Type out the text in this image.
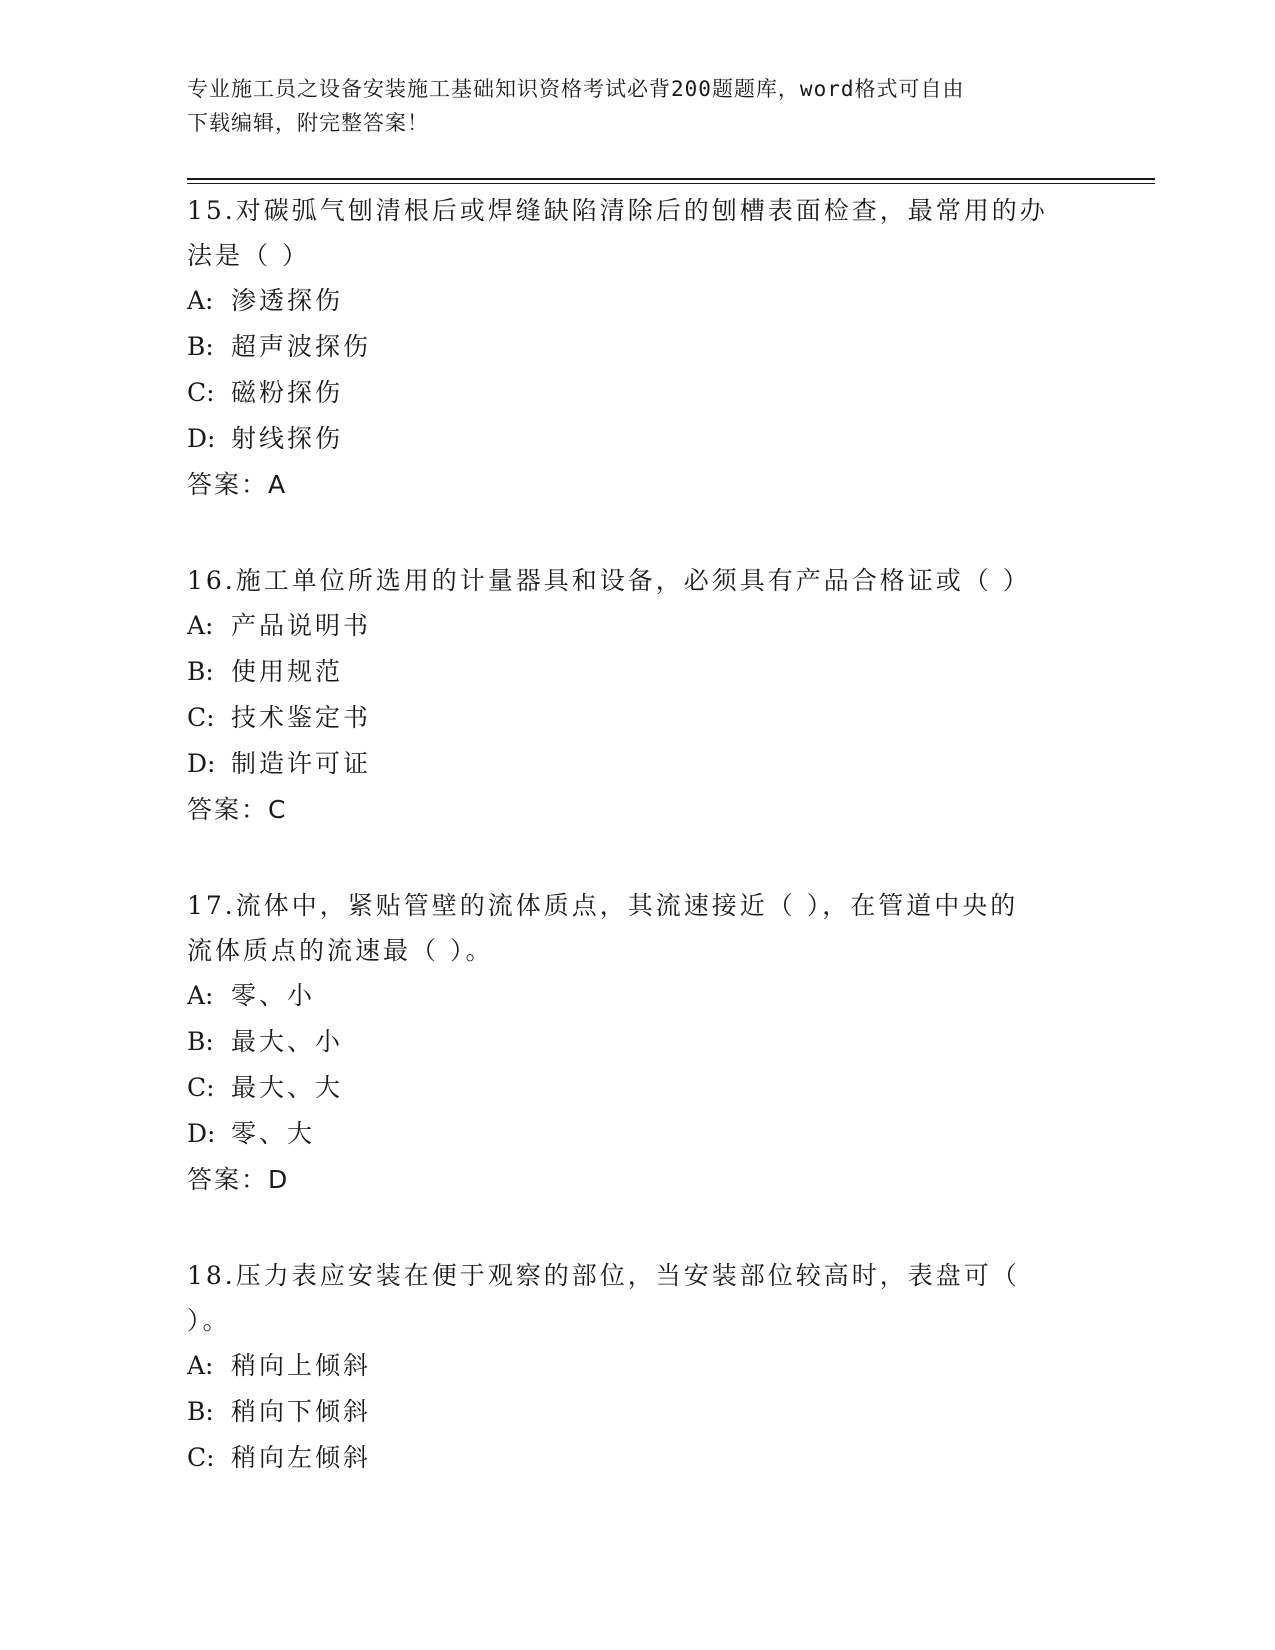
专业施工员之设备安装施工基础知识资格考试必背200题题库，word格式可自由
下载编辑，附完整答案！

15.对碳弧气刨清根后或焊缝缺陷清除后的刨槽表面检查，最常用的办

法是（ ）

A: 渗透探伤

B: 超声波探伤

C: 磁粉探伤

D: 射线探伤

答案：A

16.施工单位所选用的计量器具和设备，必须具有产品合格证或（ ）

A: 产品说明书

B: 使用规范

C: 技术鉴定书

D: 制造许可证

答案：C

17.流体中，紧贴管壁的流体质点，其流速接近（ ），在管道中央的

流体质点的流速最（ ）。

A: 零、小

B: 最大、小

C: 最大、大

D: 零、大

答案：D

18.压力表应安装在便于观察的部位，当安装部位较高时，表盘可（

）。

A: 稍向上倾斜

B: 稍向下倾斜

C: 稍向左倾斜
